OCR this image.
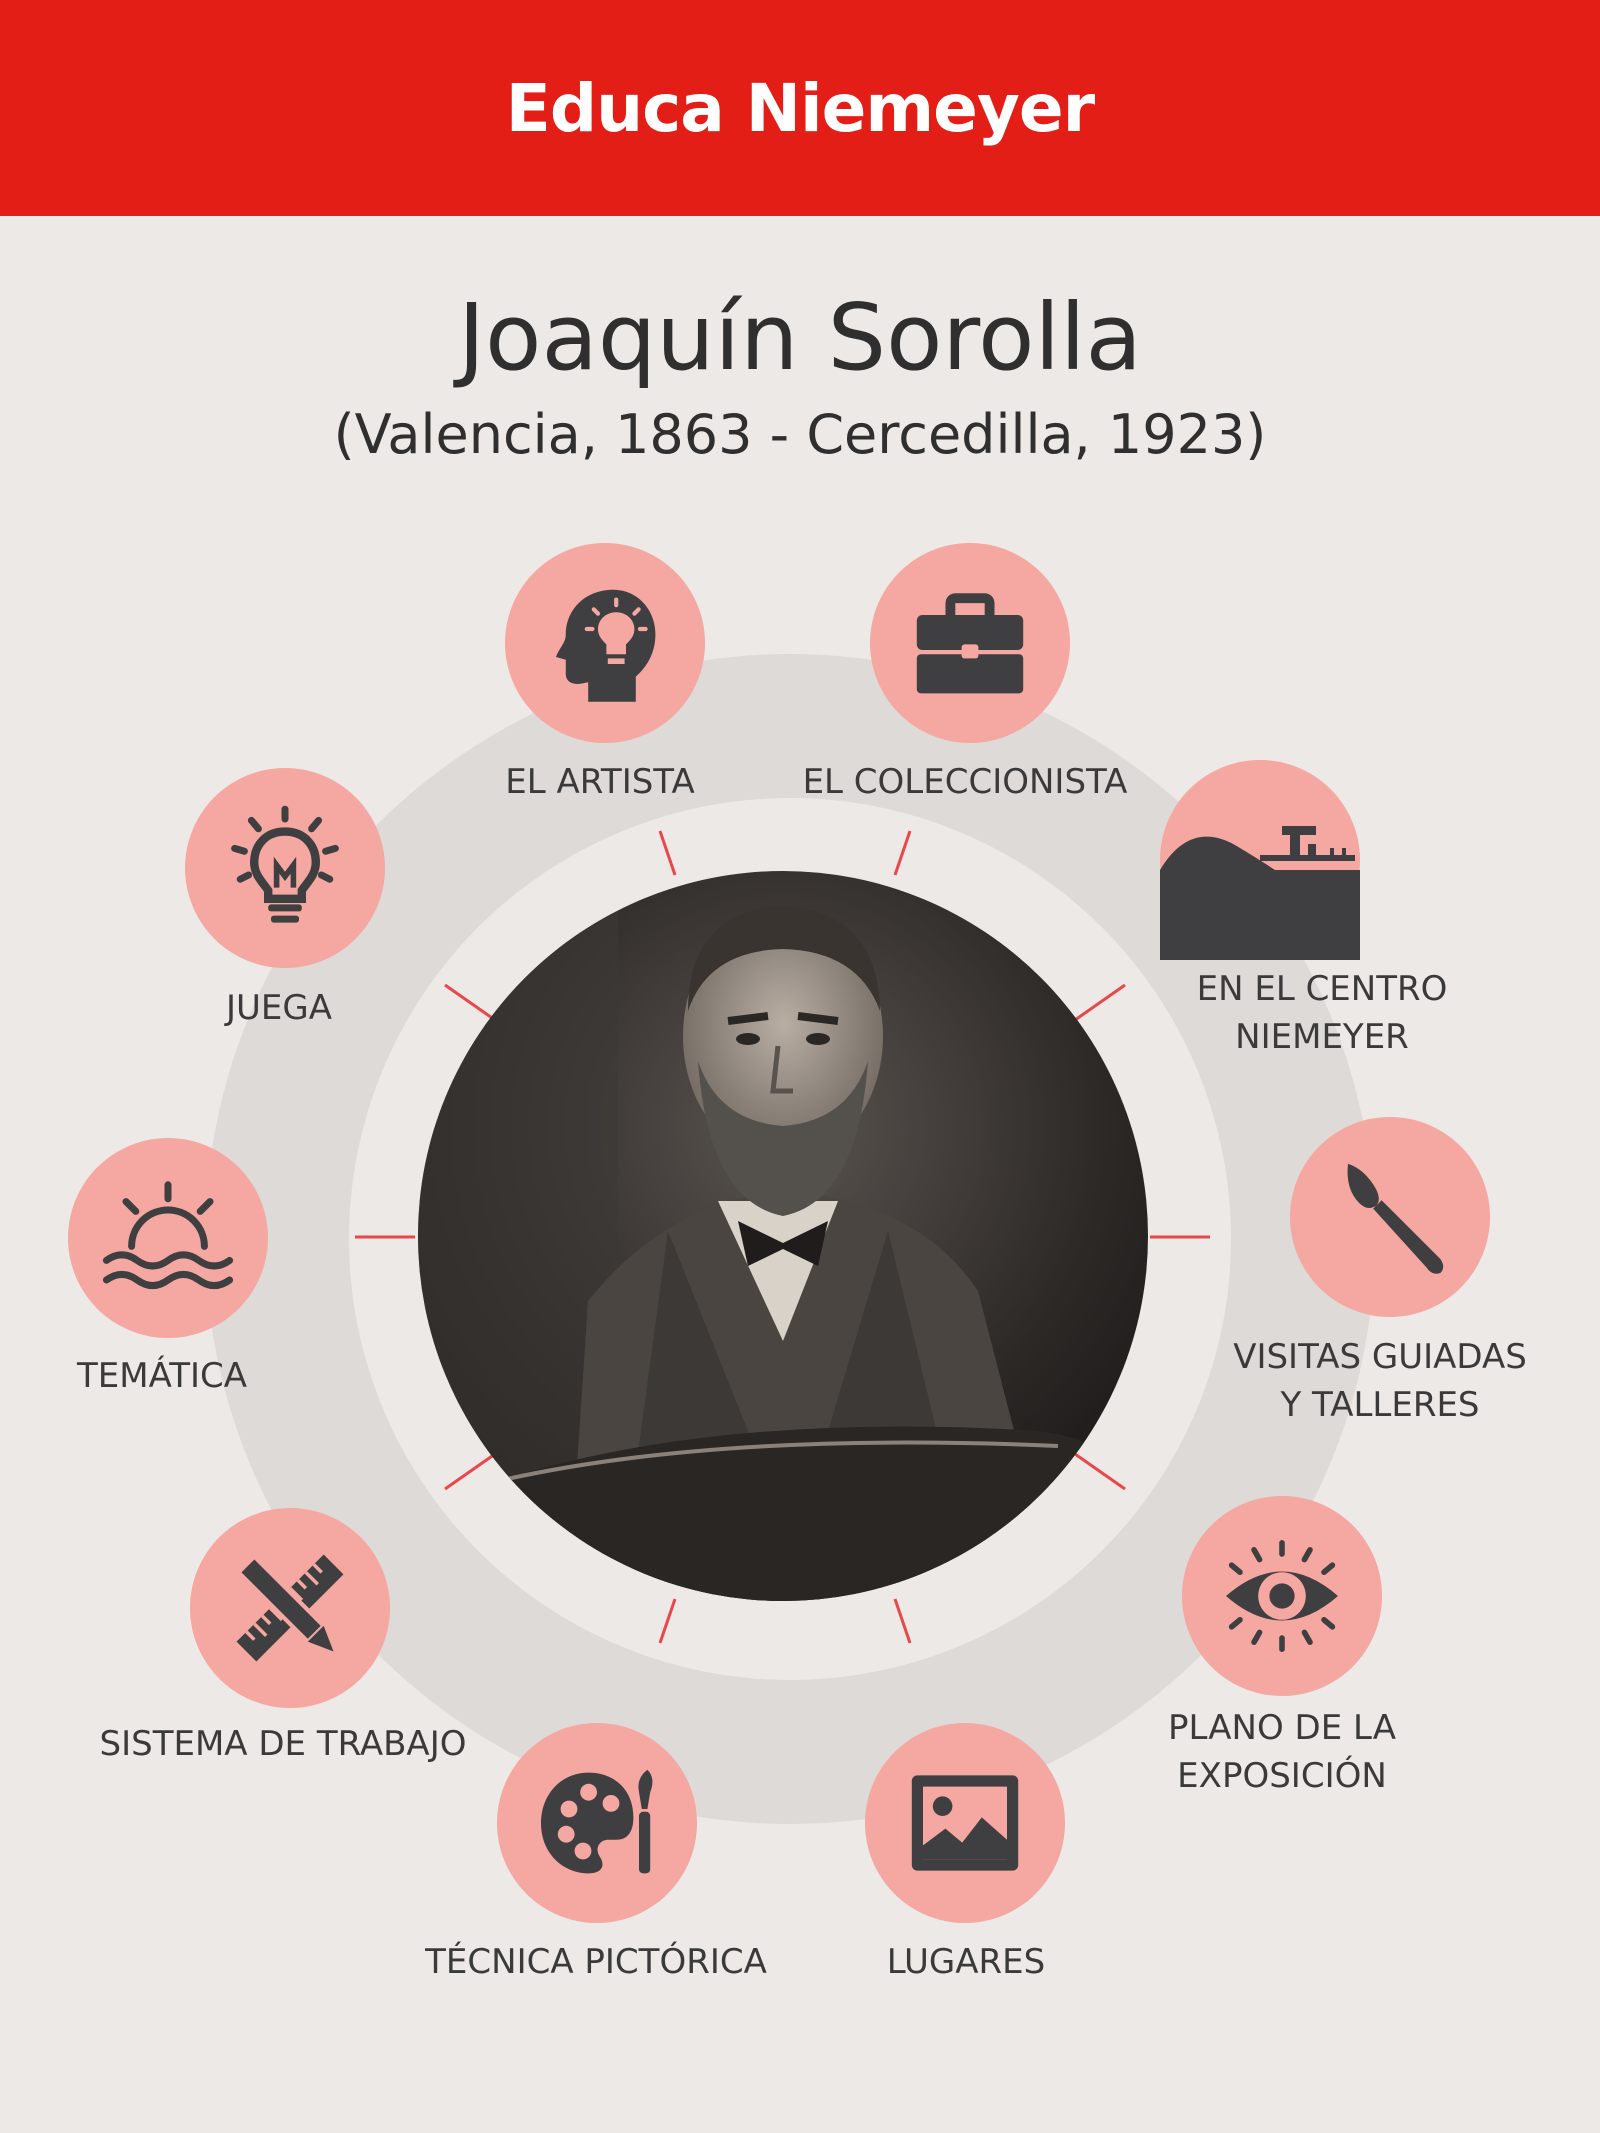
Educa Niemeyer
Joaquín Sorolla
(Valencia, 1863 - Cercedilla, 1923)
EL ARTISTA	EL COLECCIONISTA
EN EL CENTRO
NIEMEYER
VISITAS GUIADAS
Y TALLERES
PLANO DE LA
EXPOSICIÓN
LUGARES
TÉCNICA PICTÓRICA
SISTEMA DE TRABAJO
TEMÁTICA
JUEGA
